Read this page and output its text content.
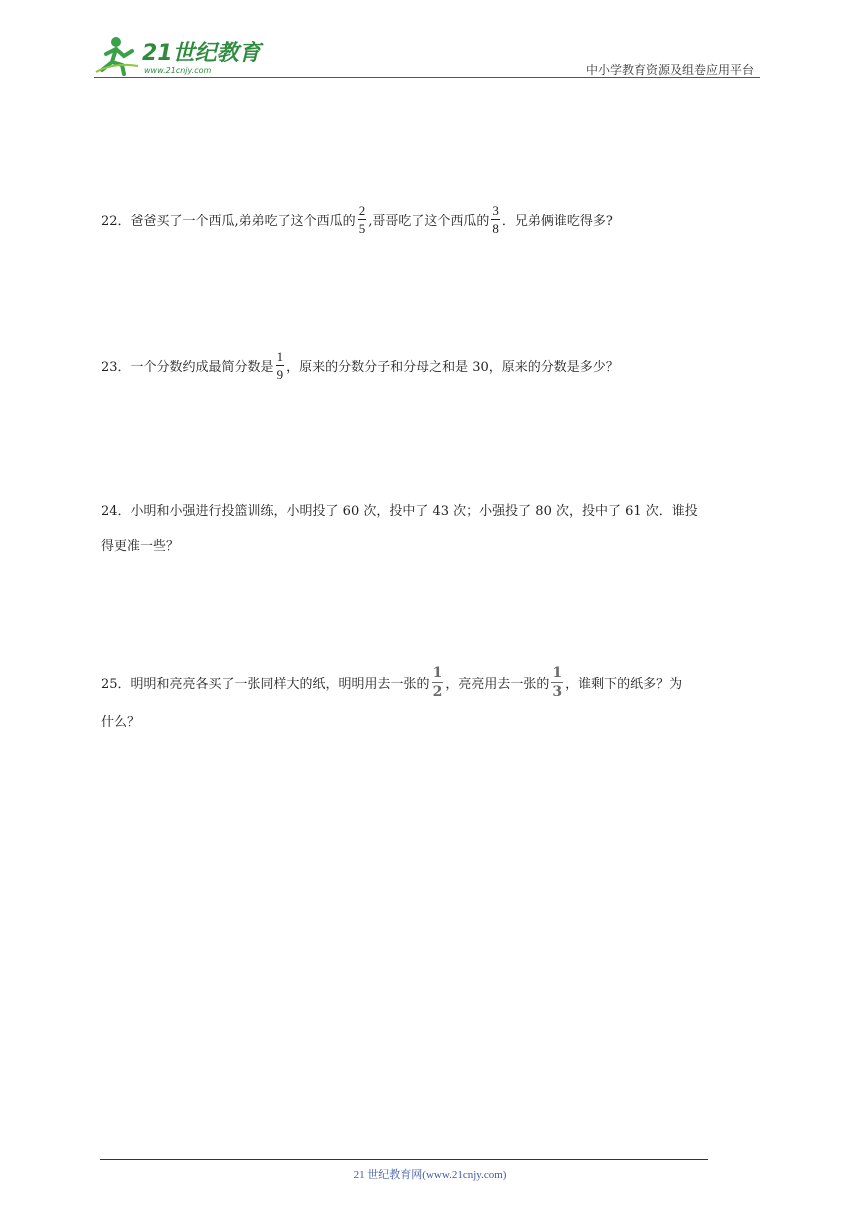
21世纪教育
www.21cnjy.com	中小学教育资源及组卷应用平台
22． 爸爸买了一个西瓜,弟弟吃了这个西瓜的 $\frac{2}{5}$ ,哥哥吃了这个西瓜的 $\frac{3}{8}$ ．兄弟俩谁吃得多?
23． 一个分数约成最简分数是 $\frac{1}{9}$ ，原来的分数分子和分母之和是 30，原来的分数是多少？
24． 小明和小强进行投篮训练，小明投了 60 次，投中了 43 次；小强投了 80 次，投中了 61 次．谁投
得更准一些？
25． 明明和亮亮各买了一张同样大的纸，明明用去一张的 $\frac{1}{2}$ ，亮亮用去一张的 $\frac{1}{3}$ ，谁剩下的纸多？为
什么？
21 世纪教育网(www.21cnjy.com)
